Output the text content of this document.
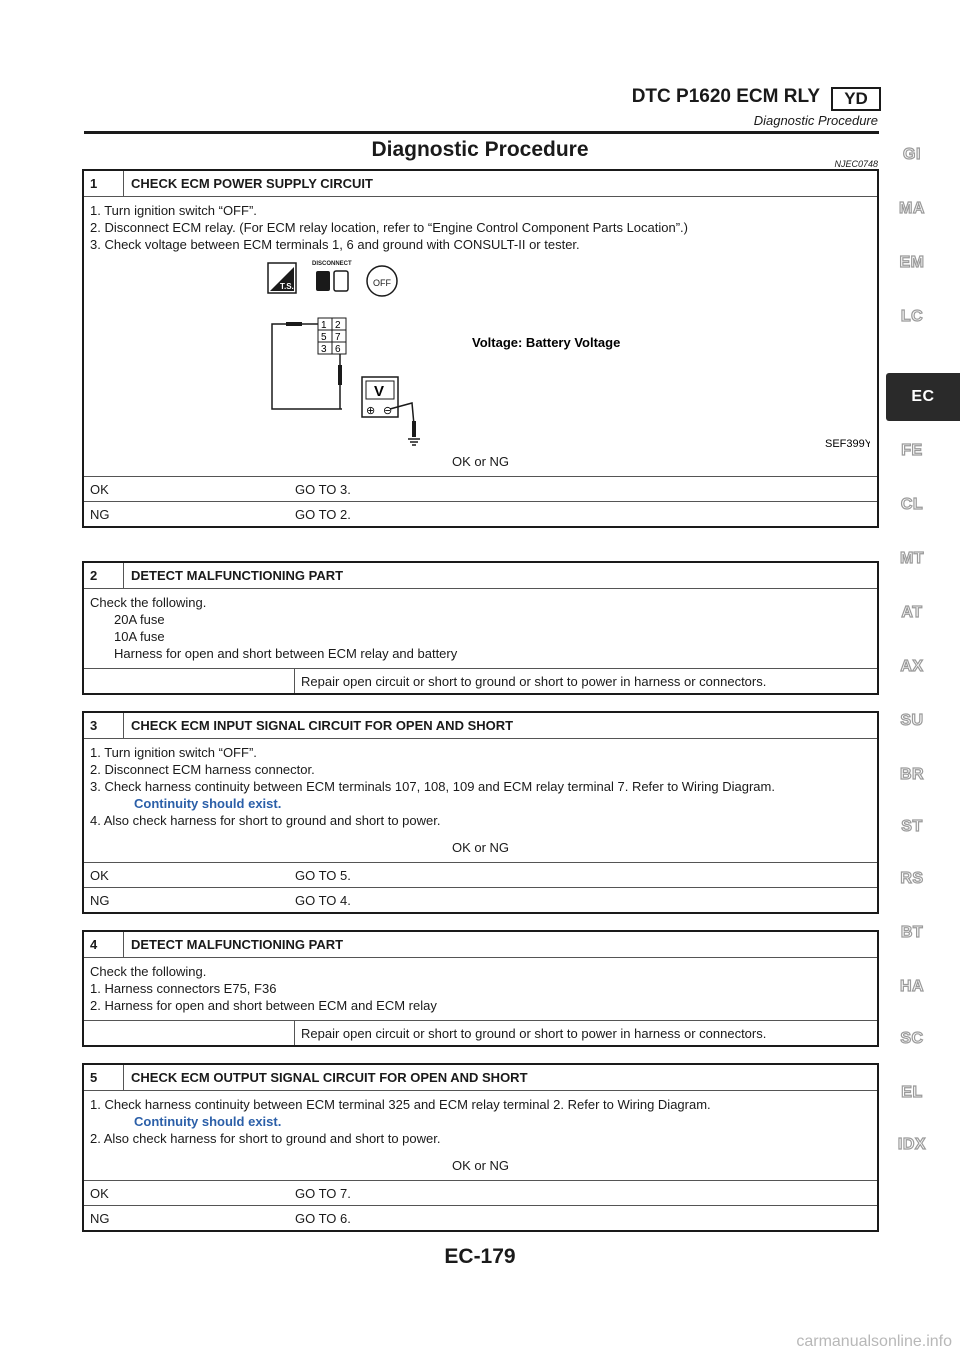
DTC P1620 ECM RLY	YD
Diagnostic Procedure
Diagnostic Procedure
NJEC0748
1	CHECK ECM POWER SUPPLY CIRCUIT
1. Turn ignition switch “OFF”.
2. Disconnect ECM relay. (For ECM relay location, refer to “Engine Control Component Parts Location”.)
3. Check voltage between ECM terminals 1, 6 and ground with CONSULT-II or tester.
T.S.
DISCONNECT
OFF
1 2
5 7
3 6
V
⊕ ⊖
Voltage: Battery Voltage
SEF399Y
OK or NG
OK	GO TO 3.
NG	GO TO 2.
2	DETECT MALFUNCTIONING PART
Check the following.
20A fuse
10A fuse
Harness for open and short between ECM relay and battery
Repair open circuit or short to ground or short to power in harness or connectors.
3	CHECK ECM INPUT SIGNAL CIRCUIT FOR OPEN AND SHORT
1. Turn ignition switch “OFF”.
2. Disconnect ECM harness connector.
3. Check harness continuity between ECM terminals 107, 108, 109 and ECM relay terminal 7. Refer to Wiring Diagram.
Continuity should exist.
4. Also check harness for short to ground and short to power.
OK or NG
OK	GO TO 5.
NG	GO TO 4.
4	DETECT MALFUNCTIONING PART
Check the following.
1. Harness connectors E75, F36
2. Harness for open and short between ECM and ECM relay
Repair open circuit or short to ground or short to power in harness or connectors.
5	CHECK ECM OUTPUT SIGNAL CIRCUIT FOR OPEN AND SHORT
1. Check harness continuity between ECM terminal 325 and ECM relay terminal 2. Refer to Wiring Diagram.
Continuity should exist.
2. Also check harness for short to ground and short to power.
OK or NG
OK	GO TO 7.
NG	GO TO 6.
GI
MA
EM
LC
EC
FE
CL
MT
AT
AX
SU
BR
ST
RS
BT
HA
SC
EL
IDX
EC-179
carmanualsonline.info
